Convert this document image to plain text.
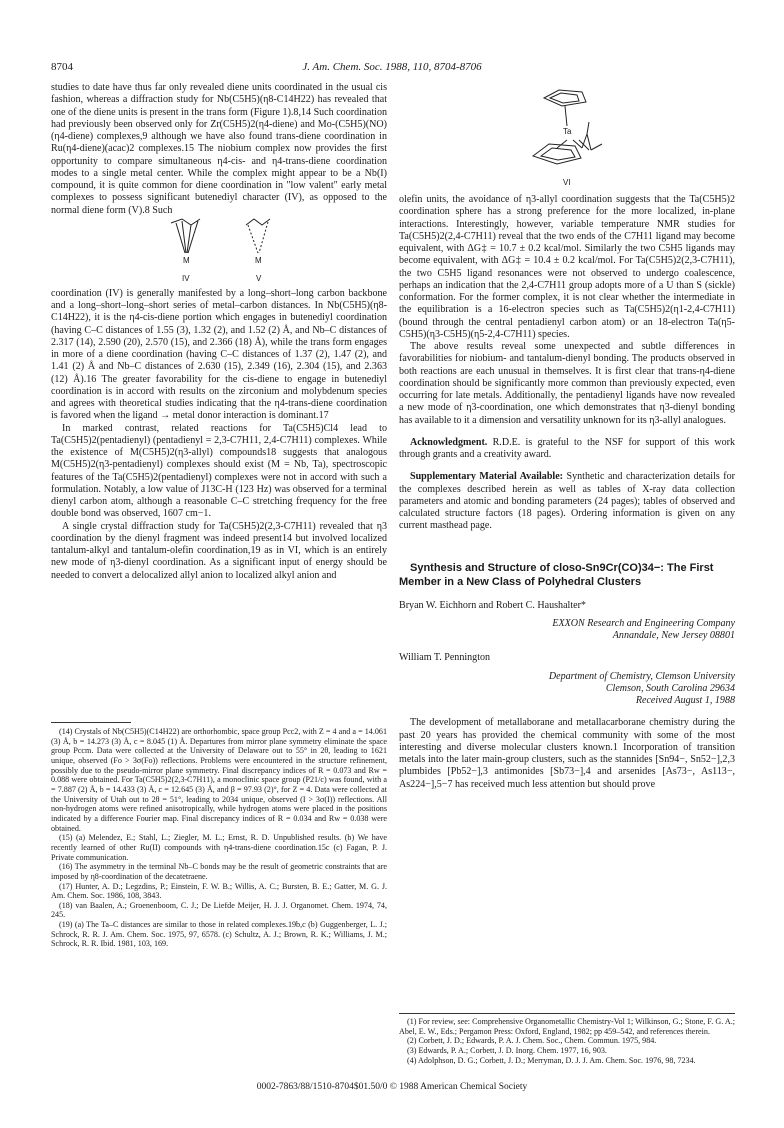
8704	J. Am. Chem. Soc. 1988, 110, 8704-8706

studies to date have thus far only revealed diene units coordinated in the usual cis fashion, whereas a diffraction study for Nb(C5H5)(η8-C14H22) has revealed that one of the diene units is present in the trans form (Figure 1).8,14 Such coordination had previously been observed only for Zr(C5H5)2(η4-diene) and Mo-(C5H5)(NO)(η4-diene) complexes,9 although we have also found trans-diene coordination in Ru(η4-diene)(acac)2 complexes.15 The niobium complex now provides the first opportunity to compare simultaneous η4-cis- and η4-trans-diene coordination modes to a single metal center. While the complex might appear to be a Nb(I) compound, it is quite common for diene coordination in "low valent" early metal complexes to possess significant butenediyl character (IV), as opposed to the normal diene form (V).8 Such

M	M
IV	V

coordination (IV) is generally manifested by a long–short–long carbon backbone and a long–short–long–short series of metal–carbon distances. In Nb(C5H5)(η8-C14H22), it is the η4-cis-diene portion which engages in butenediyl coordination (having C–C distances of 1.55 (3), 1.32 (2), and 1.52 (2) Å, and Nb–C distances of 2.317 (14), 2.590 (20), 2.570 (15), and 2.366 (18) Å), while the trans form engages in more of a diene coordination (having C–C distances of 1.37 (2), 1.47 (2), and 1.41 (2) Å and Nb–C distances of 2.630 (15), 2.349 (16), 2.304 (15), and 2.363 (12) Å).16 The greater favorability for the cis-diene to engage in butenediyl coordination is in accord with results on the zirconium and molybdenum species and agrees with theoretical studies indicating that the η4-trans-diene coordination is favored when the ligand → metal donor interaction is dominant.17

In marked contrast, related reactions for Ta(C5H5)Cl4 lead to Ta(C5H5)2(pentadienyl) (pentadienyl = 2,3-C7H11, 2,4-C7H11) complexes. While the existence of M(C5H5)2(η3-allyl) compounds18 suggests that analogous M(C5H5)2(η3-pentadienyl) complexes should exist (M = Nb, Ta), spectroscopic features of the Ta(C5H5)2(pentadienyl) complexes were not in accord with such a formulation. Notably, a low value of J13C-H (123 Hz) was observed for a terminal dienyl carbon atom, although a reasonable C–C stretching frequency for the free double bond was observed, 1607 cm−1.

A single crystal diffraction study for Ta(C5H5)2(2,3-C7H11) revealed that η3 coordination by the dienyl fragment was indeed present14 but involved localized tantalum-alkyl and tantalum-olefin coordination,19 as in VI, which is an entirely new mode of η3-dienyl coordination. As a significant input of energy should be needed to convert a delocalized allyl anion to localized alkyl anion and

(14) Crystals of Nb(C5H5)(C14H22) are orthorhombic, space group Pcc2, with Z = 4 and a = 14.061 (3) Å, b = 14.273 (3) Å, c = 8.045 (1) Å. Departures from mirror plane symmetry eliminate the space group Pccm. Data were collected at the University of Delaware out to 55° in 2θ, leading to 1621 unique, observed (Fo > 3σ(Fo)) reflections. Problems were encountered in the structure refinement, possibly due to the pseudo-mirror plane symmetry. Final discrepancy indices of R = 0.073 and Rw = 0.088 were obtained. For Ta(C5H5)2(2,3-C7H11), a monoclinic space group (P21/c) was found, with a = 7.887 (2) Å, b = 14.433 (3) Å, c = 12.645 (3) Å, and β = 97.93 (2)°, for Z = 4. Data were collected at the University of Utah out to 2θ = 51°, leading to 2034 unique, observed (I > 3σ(I)) reflections. All non-hydrogen atoms were refined anisotropically, while hydrogen atoms were placed in the positions indicated by a difference Fourier map. Final discrepancy indices of R = 0.034 and Rw = 0.038 were obtained.

(15) (a) Melendez, E.; Stahl, L.; Ziegler, M. L.; Ernst, R. D. Unpublished results. (b) We have recently learned of other Ru(II) compounds with η4-trans-diene coordination.15c (c) Fagan, P. J. Private communication.

(16) The asymmetry in the terminal Nb–C bonds may be the result of geometric constraints that are imposed by η8-coordination of the decatetraene.

(17) Hunter, A. D.; Legzdins, P.; Einstein, F. W. B.; Willis, A. C.; Bursten, B. E.; Gatter, M. G. J. Am. Chem. Soc. 1986, 108, 3843.

(18) van Baalen, A.; Groenenboom, C. J.; De Liefde Meijer, H. J. J. Organomet. Chem. 1974, 74, 245.

(19) (a) The Ta–C distances are similar to those in related complexes.19b,c (b) Guggenberger, L. J.; Schrock, R. R. J. Am. Chem. Soc. 1975, 97, 6578. (c) Schultz, A. J.; Brown, R. K.; Williams, J. M.; Schrock, R. R. Ibid. 1981, 103, 169.

Ta
VI

olefin units, the avoidance of η3-allyl coordination suggests that the Ta(C5H5)2 coordination sphere has a strong preference for the more localized, in-plane interactions. Interestingly, however, variable temperature NMR studies for Ta(C5H5)2(2,4-C7H11) reveal that the two ends of the C7H11 ligand may become equivalent, with ΔG‡ = 10.7 ± 0.2 kcal/mol. Similarly the two C5H5 ligands may become equivalent, with ΔG‡ = 10.4 ± 0.2 kcal/mol. For Ta(C5H5)2(2,3-C7H11), the two C5H5 ligand resonances were not observed to undergo coalescence, perhaps an indication that the 2,4-C7H11 group adopts more of a U than S (sickle) conformation. For the former complex, it is not clear whether the intermediate in the equilibration is a 16-electron species such as Ta(C5H5)2(η1-2,4-C7H11) (bound through the central pentadienyl carbon atom) or an 18-electron Ta(η5-C5H5)(η3-C5H5)(η5-2,4-C7H11) species.

The above results reveal some unexpected and subtle differences in favorabilities for niobium- and tantalum-dienyl bonding. The products observed in both reactions are each unusual in themselves. It is first clear that trans-η4-diene coordination should be significantly more common than previously expected, even occurring for late metals. Additionally, the pentadienyl ligands have now revealed a new mode of η3-coordination, one which demonstrates that η3-dienyl bonding has available to it a dimension and versatility unknown for its η3-allyl analogues.

Acknowledgment. R.D.E. is grateful to the NSF for support of this work through grants and a creativity award.

Supplementary Material Available: Synthetic and characterization details for the complexes described herein as well as tables of X-ray data collection parameters and atomic and bonding parameters (24 pages); tables of observed and calculated structure factors (18 pages). Ordering information is given on any current masthead page.

Synthesis and Structure of closo-Sn9Cr(CO)34−: The First Member in a New Class of Polyhedral Clusters

Bryan W. Eichhorn and Robert C. Haushalter*

EXXON Research and Engineering Company

Annandale, New Jersey 08801

William T. Pennington

Department of Chemistry, Clemson University

Clemson, South Carolina 29634

Received August 1, 1988

The development of metallaborane and metallacarborane chemistry during the past 20 years has provided the chemical community with some of the most interesting and diverse molecular clusters known.1 Incorporation of transition metals into the later main-group clusters, such as the stannides [Sn94−, Sn52−],2,3 plumbides [Pb52−],3 antimonides [Sb73−],4 and arsenides [As73−, As113−, As224−],5−7 has received much less attention but should prove

(1) For review, see: Comprehensive Organometallic Chemistry-Vol 1; Wilkinson, G.; Stone, F. G. A.; Abel, E. W., Eds.; Pergamon Press: Oxford, England, 1982; pp 459–542, and references therein.

(2) Corbett, J. D.; Edwards, P. A. J. Chem. Soc., Chem. Commun. 1975, 984.

(3) Edwards, P. A.; Corbett, J. D. Inorg. Chem. 1977, 16, 903.

(4) Adolphson, D. G.; Corbett, J. D.; Merryman, D. J. J. Am. Chem. Soc. 1976, 98, 7234.

0002-7863/88/1510-8704$01.50/0 © 1988 American Chemical Society
